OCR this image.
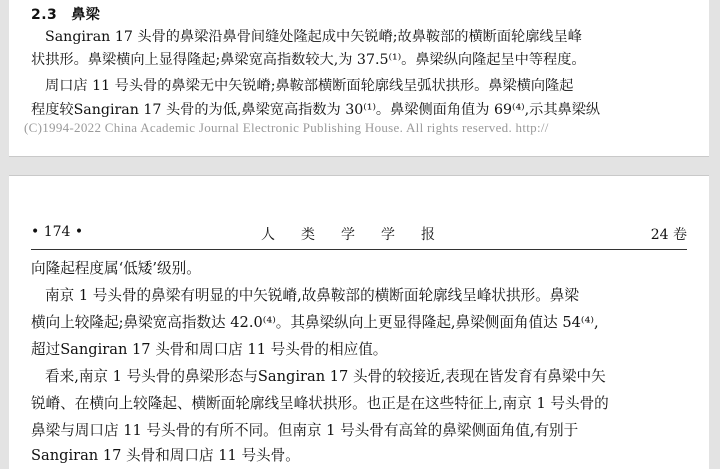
2.3 鼻梁
Sangiran 17 头骨的鼻梁沿鼻骨间缝处隆起成中矢锐嵴;故鼻鞍部的横断面轮廓线呈峰
状拱形。鼻梁横向上显得隆起;鼻梁宽高指数较大,为 37.5⁽¹⁾。鼻梁纵向隆起呈中等程度。
周口店 11 号头骨的鼻梁无中矢锐嵴;鼻鞍部横断面轮廓线呈弧状拱形。鼻梁横向隆起
程度较Sangiran 17 头骨的为低,鼻梁宽高指数为 30⁽¹⁾。鼻梁侧面角值为 69⁽⁴⁾,示其鼻梁纵
(C)1994-2022 China Academic Journal Electronic Publishing House. All rights reserved. http://
• 174 •	人类学学报	24 卷
向隆起程度属‘低矮’级别。
南京 1 号头骨的鼻梁有明显的中矢锐嵴,故鼻鞍部的横断面轮廓线呈峰状拱形。鼻梁
横向上较隆起;鼻梁宽高指数达 42.0⁽⁴⁾。其鼻梁纵向上更显得隆起,鼻梁侧面角值达 54⁽⁴⁾,
超过Sangiran 17 头骨和周口店 11 号头骨的相应值。
看来,南京 1 号头骨的鼻梁形态与Sangiran 17 头骨的较接近,表现在皆发育有鼻梁中矢
锐嵴、在横向上较隆起、横断面轮廓线呈峰状拱形。也正是在这些特征上,南京 1 号头骨的
鼻梁与周口店 11 号头骨的有所不同。但南京 1 号头骨有高耸的鼻梁侧面角值,有别于
Sangiran 17 头骨和周口店 11 号头骨。
